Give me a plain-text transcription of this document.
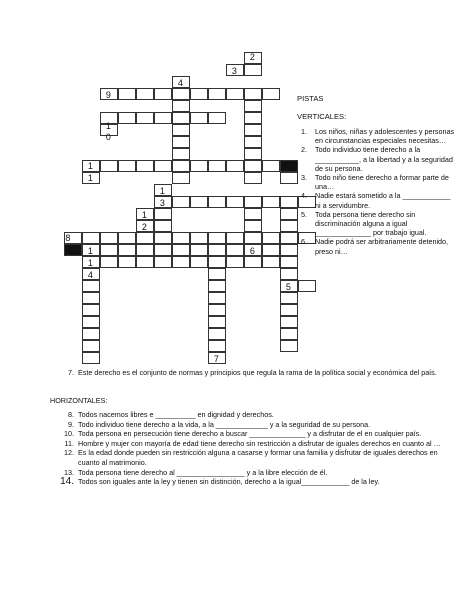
2
3
4
9
1
0
1
1
1
3
1
2
8
1	6
1
4
5
7
PISTAS
VERTICALES:
1. Los niños, niñas y adolescentes y personas en circunstancias especiales necesitas…
2. Todo individuo tiene derecho a la ___________, a la libertad y a la seguridad de su persona.
3. Todo niño tiene derecho a formar parte de una…
4. Nadie estará sometido a la ____________ ni a servidumbre.
5. Toda persona tiene derecho sin discriminación alguna a igual ______________ por trabajo igual.
6. Nadie podrá ser arbitrariamente detenido, preso ni…
7. Este derecho es el conjunto de normas y principios que regula la rama de la política social y económica del país.
HORIZONTALES:
8. Todos nacemos libres e __________ en dignidad y derechos.
9. Todo individuo tiene derecho a la vida, a la _____________ y a la seguridad de su persona.
10. Toda persona en persecución tiene derecho a buscar ______________ y a disfrutar de el en cualquier país.
11. Hombre y mujer con mayoría de edad tiene derecho sin restricción a disfrutar de iguales derechos en cuanto al …
12. Es la edad donde pueden sin restricción alguna a casarse y formar una familia y disfrutar de iguales derechos en cuanto al matrimonio.
13. Toda persona tiene derecho al _________________ y a la libre elección de él.
14. Todos son iguales ante la ley y tienen sin distinción, derecho a la igual____________ de la ley.
